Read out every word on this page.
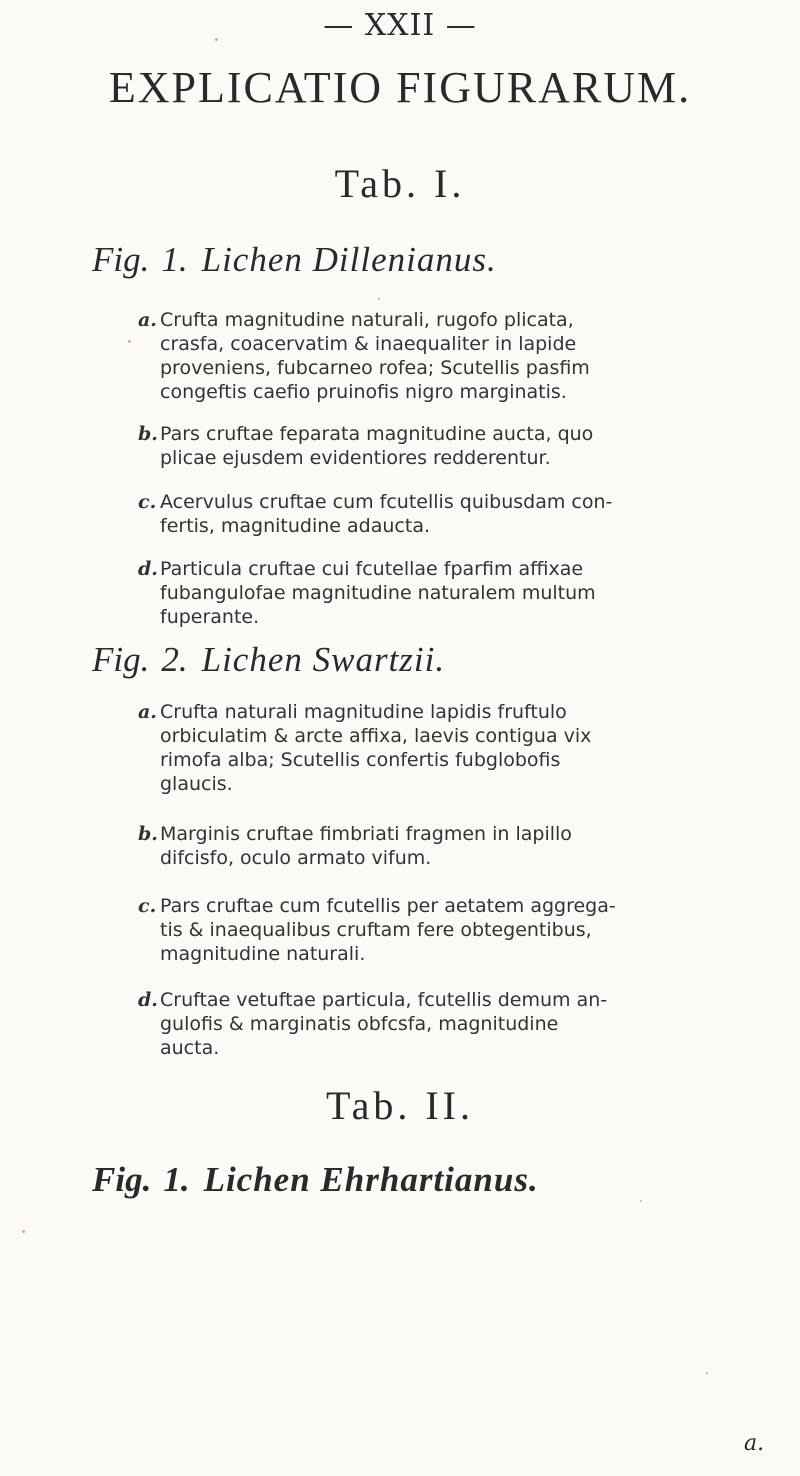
— XXII —
EXPLICATIO FIGURARUM.
Tab. I.
Fig. 1. Lichen Dillenianus.
a. Crufta magnitudine naturali, rugofo plicata,
crasfa, coacervatim & inaequaliter in lapide
proveniens, fubcarneo rofea; Scutellis pasfim
congeftis caefio pruinofis nigro marginatis.
b. Pars cruftae feparata magnitudine aucta, quo
plicae ejusdem evidentiores redderentur.
c. Acervulus cruftae cum fcutellis quibusdam con-
fertis, magnitudine adaucta.
d. Particula cruftae cui fcutellae fparfim affixae
fubangulofae magnitudine naturalem multum
fuperante.
Fig. 2. Lichen Swartzii.
a. Crufta naturali magnitudine lapidis fruftulo
orbiculatim & arcte affixa, laevis contigua vix
rimofa alba; Scutellis confertis fubglobofis
glaucis.
b. Marginis cruftae fimbriati fragmen in lapillo
difcisfo, oculo armato vifum.
c. Pars cruftae cum fcutellis per aetatem aggrega-
tis & inaequalibus cruftam fere obtegentibus,
magnitudine naturali.
d. Cruftae vetuftae particula, fcutellis demum an-
gulofis & marginatis obfcsfa, magnitudine
aucta.
Tab. II.
Fig. 1. Lichen Ehrhartianus.
a.
